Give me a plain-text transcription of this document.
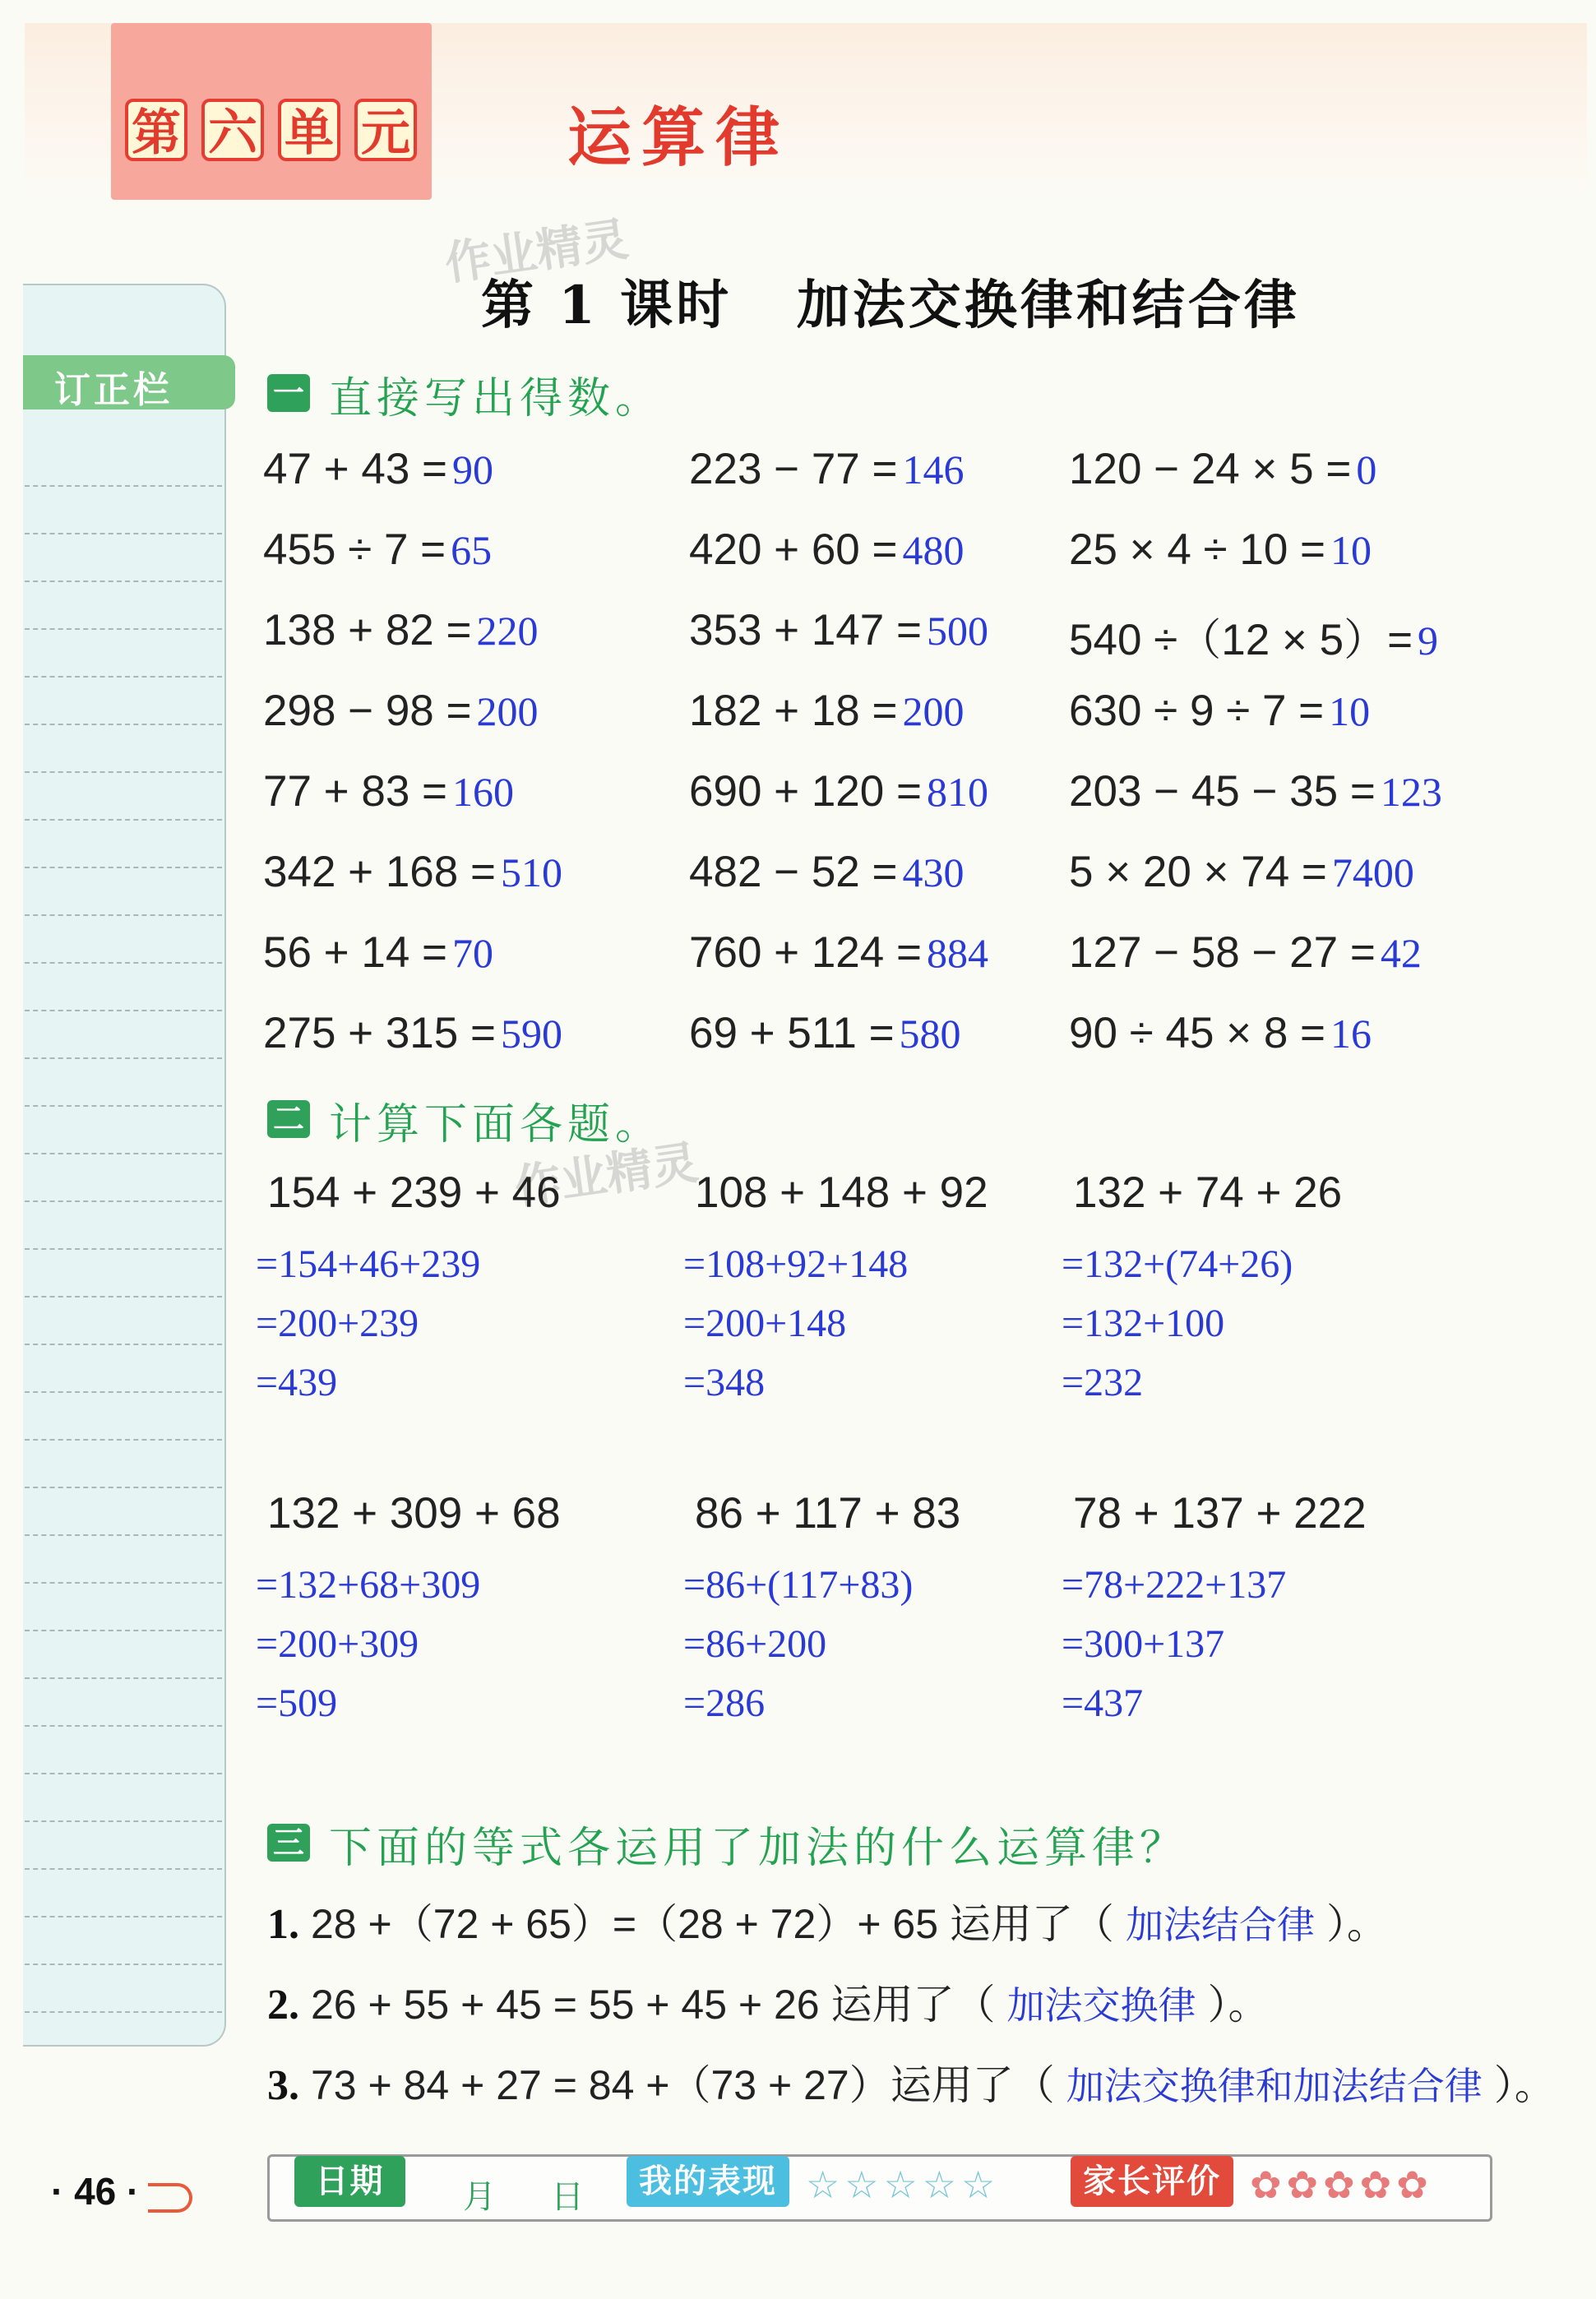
第 六 单 元 运算律
第 1 课时   加法交换律和结合律
作业精灵
作业精灵
订正栏	一 直接写出得数。
47 + 43 = 90	223 − 77 = 146 120 − 24 × 5 = 0
455 ÷ 7 = 65	420 + 60 = 480 25 × 4 ÷ 10 = 10
138 + 82 = 220	353 + 147 = 500 540 ÷（12 × 5）= 9
298 − 98 = 200	182 + 18 = 200 630 ÷ 9 ÷ 7 = 10
77 + 83 = 160	690 + 120 = 810 203 − 45 − 35 = 123
342 + 168 = 510	482 − 52 = 430 5 × 20 × 74 = 7400
56 + 14 = 70	760 + 124 = 884 127 − 58 − 27 = 42
275 + 315 = 590	69 + 511 = 580 90 ÷ 45 × 8 = 16
二 计算下面各题。
154 + 239 + 46
=154+46+239
=200+239
=439
108 + 148 + 92
=108+92+148
=200+148
=348
132 + 74 + 26
=132+(74+26)
=132+100
=232
132 + 309 + 68
=132+68+309
=200+309
=509
86 + 117 + 83
=86+(117+83)
=86+200
=286
78 + 137 + 222
=78+222+137
=300+137
=437
三 下面的等式各运用了加法的什么运算律？
1. 28 +（72 + 65）=（28 + 72）+ 65 运用了（ 加法结合律 ）。
2. 26 + 55 + 45 = 55 + 45 + 26 运用了（ 加法交换律 ）。
3. 73 + 84 + 27 = 84 +（73 + 27）运用了（ 加法交换律和加法结合律 ）。
· 46 ·	日期	月 日	我的表现 ☆☆☆☆☆	家长评价 ✿✿✿✿✿
